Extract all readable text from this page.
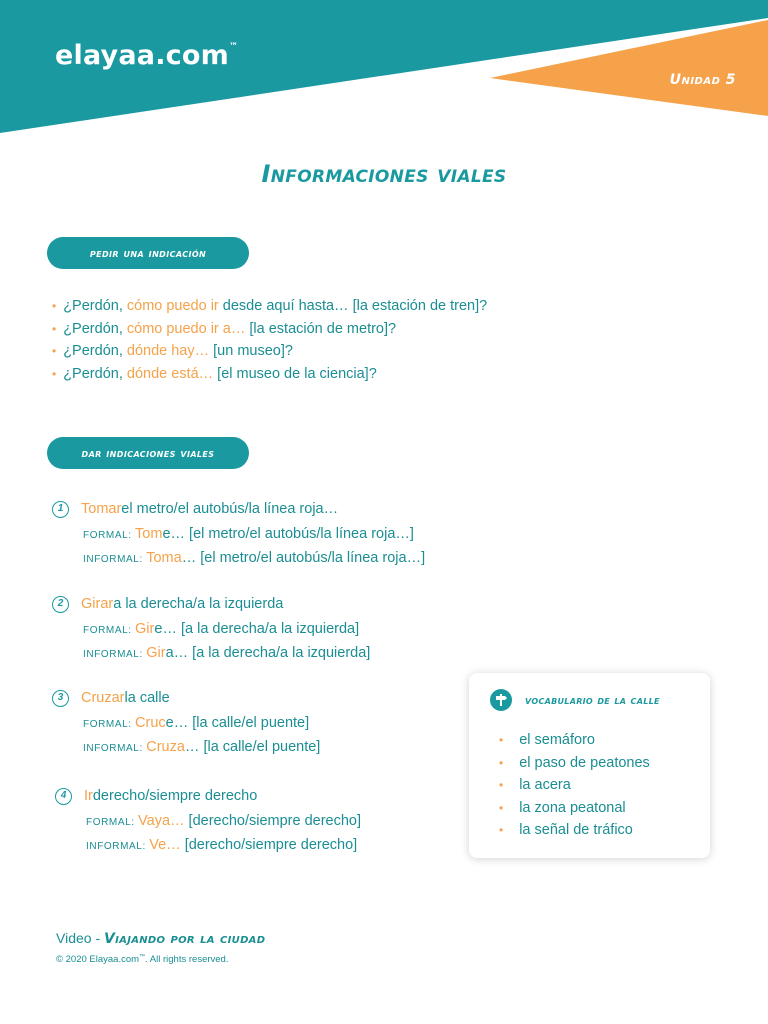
elayaa.com™
Unidad 5
Informaciones viales
pedir una indicación
• ¿Perdón, cómo puedo ir desde aquí hasta… [la estación de tren]?
• ¿Perdón, cómo puedo ir a… [la estación de metro]?
• ¿Perdón, dónde hay… [un museo]?
• ¿Perdón, dónde está… [el museo de la ciencia]?
dar indicaciones viales
1	Tomar el metro/el autobús/la línea roja…
FORMAL: Tome… [el metro/el autobús/la línea roja…]
INFORMAL: Toma… [el metro/el autobús/la línea roja…]
2	Girar a la derecha/a la izquierda
FORMAL: Gire… [a la derecha/a la izquierda]
INFORMAL: Gira… [a la derecha/a la izquierda]
3	Cruzar la calle
FORMAL: Cruce… [la calle/el puente]
INFORMAL: Cruza… [la calle/el puente]
4	Ir derecho/siempre derecho
FORMAL: Vaya… [derecho/siempre derecho]
INFORMAL: Ve… [derecho/siempre derecho]
vocabulario de la calle
• el semáforo
• el paso de peatones
• la acera
• la zona peatonal
• la señal de tráfico
Video - Viajando por la ciudad
© 2020 Elayaa.com™. All rights reserved.
